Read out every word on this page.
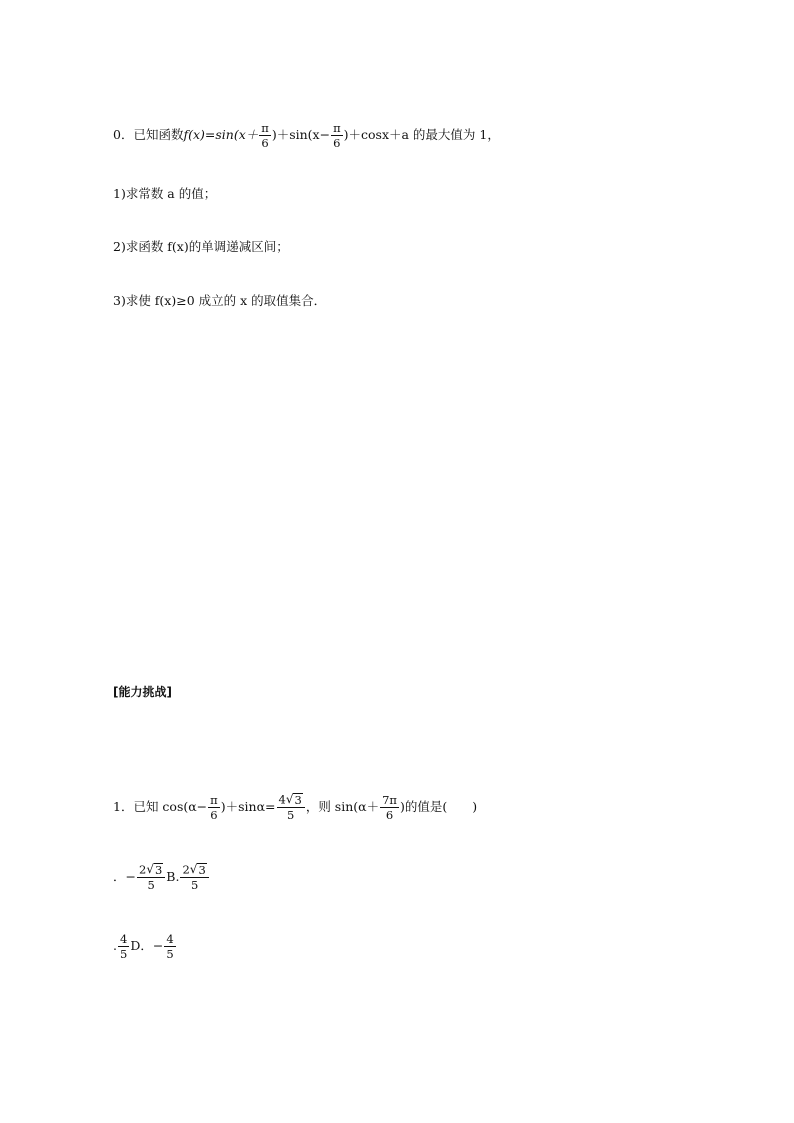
0．已知函数 $f(x)=\sin(x+ \frac{\pi}{6} )+\sin(x- \frac{\pi}{6} )+\cos x+a$ 的最大值为 1，
1)求常数 a 的值；
2)求函数 f(x)的单调递减区间；
3)求使 f(x)≥0 成立的 x 的取值集合．
[能力挑战]
1．已知 $\cos(\alpha- \frac{\pi}{6} )+\sin\alpha= \frac{4 √ 3}{5}$ ，则 $\sin(\alpha+ \frac{7\pi}{6}$ )的值是(　　)
．− $\frac{2 √ 3}{5} B$. $\frac{2 √ 3}{5}$
. $\frac{4}{5}$ D．− $\frac{4}{5}$
